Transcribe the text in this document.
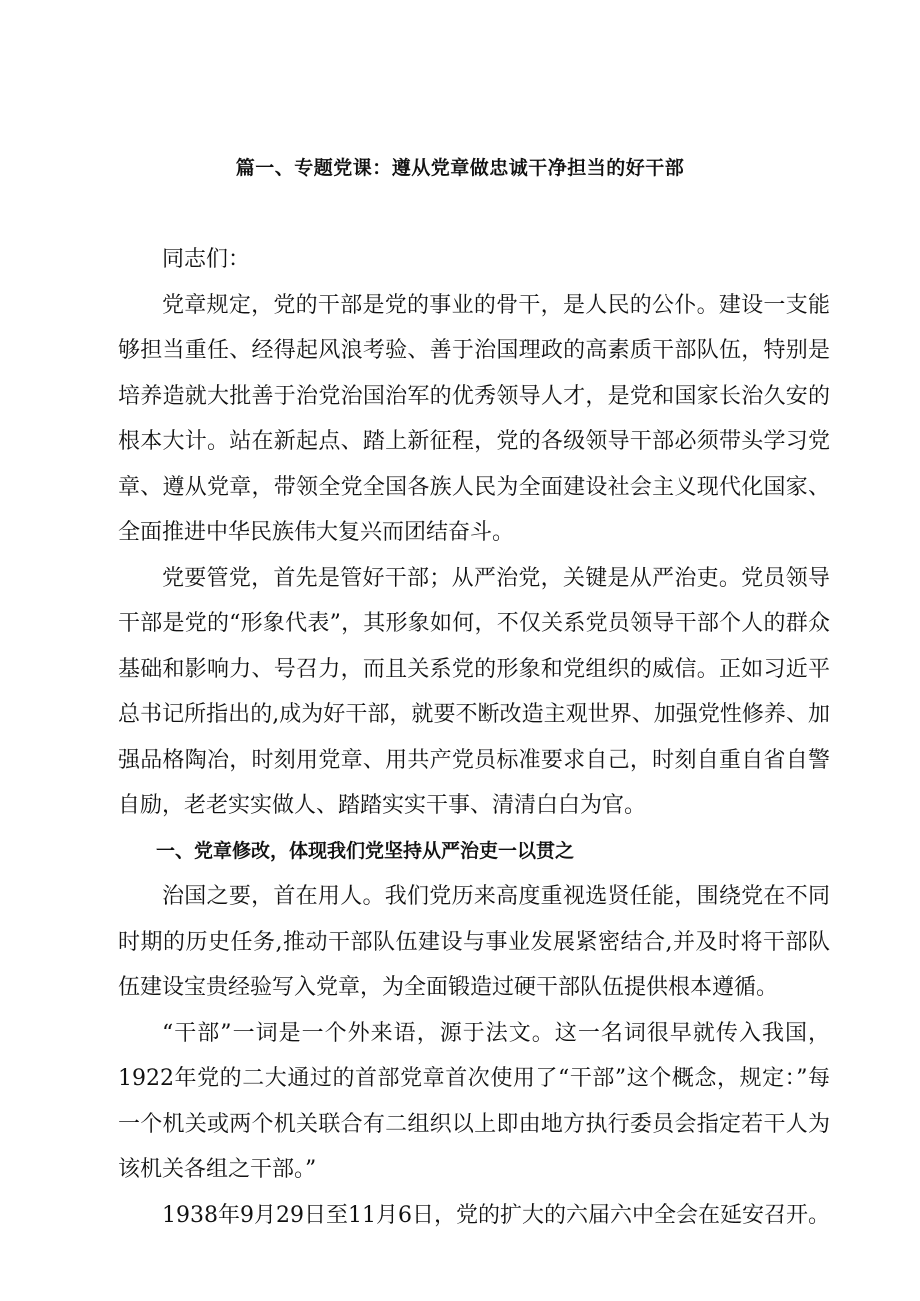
篇一、专题党课：遵从党章做忠诚干净担当的好干部

同志们：

党章规定，党的干部是党的事业的骨干，是人民的公仆。建设一支能够担当重任、经得起风浪考验、善于治国理政的高素质干部队伍，特别是培养造就大批善于治党治国治军的优秀领导人才，是党和国家长治久安的根本大计。站在新起点、踏上新征程，党的各级领导干部必须带头学习党章、遵从党章，带领全党全国各族人民为全面建设社会主义现代化国家、全面推进中华民族伟大复兴而团结奋斗。

党要管党，首先是管好干部；从严治党，关键是从严治吏。党员领导干部是党的“形象代表”，其形象如何，不仅关系党员领导干部个人的群众基础和影响力、号召力，而且关系党的形象和党组织的威信。正如习近平总书记所指出的,成为好干部，就要不断改造主观世界、加强党性修养、加强品格陶冶，时刻用党章、用共产党员标准要求自己，时刻自重自省自警自励，老老实实做人、踏踏实实干事、清清白白为官。

一、党章修改，体现我们党坚持从严治吏一以贯之

治国之要，首在用人。我们党历来高度重视选贤任能，围绕党在不同时期的历史任务,推动干部队伍建设与事业发展紧密结合,并及时将干部队伍建设宝贵经验写入党章，为全面锻造过硬干部队伍提供根本遵循。

“干部”一词是一个外来语，源于法文。这一名词很早就传入我国，1922年党的二大通过的首部党章首次使用了“干部”这个概念，规定：”每一个机关或两个机关联合有二组织以上即由地方执行委员会指定若干人为该机关各组之干部。”

1938年9月29日至11月6日，党的扩大的六届六中全会在延安召开。
